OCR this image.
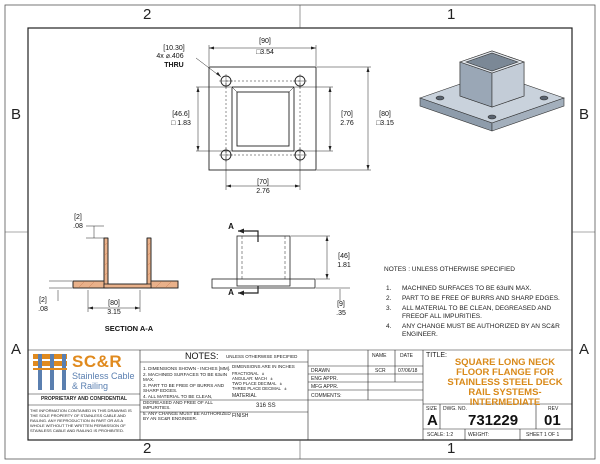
2	1
2	1
B	B
A	A
[10.30]
4x ⌀.406
THRU
[90]
□3.54
[46.6]
□ 1.83
[70]
2.76
[80]
□3.15
[70]
2.76
[2]
.08
[2]
.08
[80]
3.15
SECTION A-A
A
A
[46]
1.81
[9]
.35
NOTES : UNLESS OTHERWISE SPECIFIED
1. MACHINED SURFACES TO BE 63uIN MAX.
2. PART TO BE FREE OF BURRS AND SHARP EDGES.
3. ALL MATERIAL TO BE CLEAN, DEGREASED AND FREEOF ALL IMPURITIES.
4. ANY CHANGE MUST BE AUTHORIZED BY AN SC&R ENGINEER.
SC&R
Stainless Cable
& Railing
PROPRIETARY AND CONFIDENTIAL
THE INFORMATION CONTAINED IN THIS DRAWING IS THE SOLE PROPERTY OF STAINLESS CABLE AND RAILING. ANY REPRODUCTION IN PART OR AS A WHOLE WITHOUT THE WRITTEN PERMISSION OF STAINLESS CABLE AND RAILING IS PROHIBITED.
NOTES: UNLESS OTHERWISE SPECIFIED
1. DIMENSIONS SHOWN - INCHES [MM].
2. MACHINED SURFACES TO BE 63uIN MAX.
3. PART TO BE FREE OF BURRS AND SHARP EDGES.
4. ALL MATERIAL TO BE CLEAN, DEGREASED AND FREE OF ALL IMPURITIES.
5. ANY CHANGE MUST BE AUTHORIZED BY AN SC&R ENGINEER.
DIMENSIONS ARE IN INCHES
FRACTIONAL   ±
ANGULAR: MACH   ±
TWO PLACE DECIMAL   ±
THREE PLACE DECIMAL   ±
MATERIAL
316 SS
FINISH
NAME	DATE
DRAWN	SCR 07/06/18
ENG APPR.
MFG APPR.
COMMENTS:
TITLE:
SQUARE LONG NECK FLOOR FLANGE FOR STAINLESS STEEL DECK RAIL SYSTEMS-INTERMEDIATE
SIZE
A
DWG. NO.
731229
REV
01
SCALE: 1:2	WEIGHT:	SHEET 1 OF 1
